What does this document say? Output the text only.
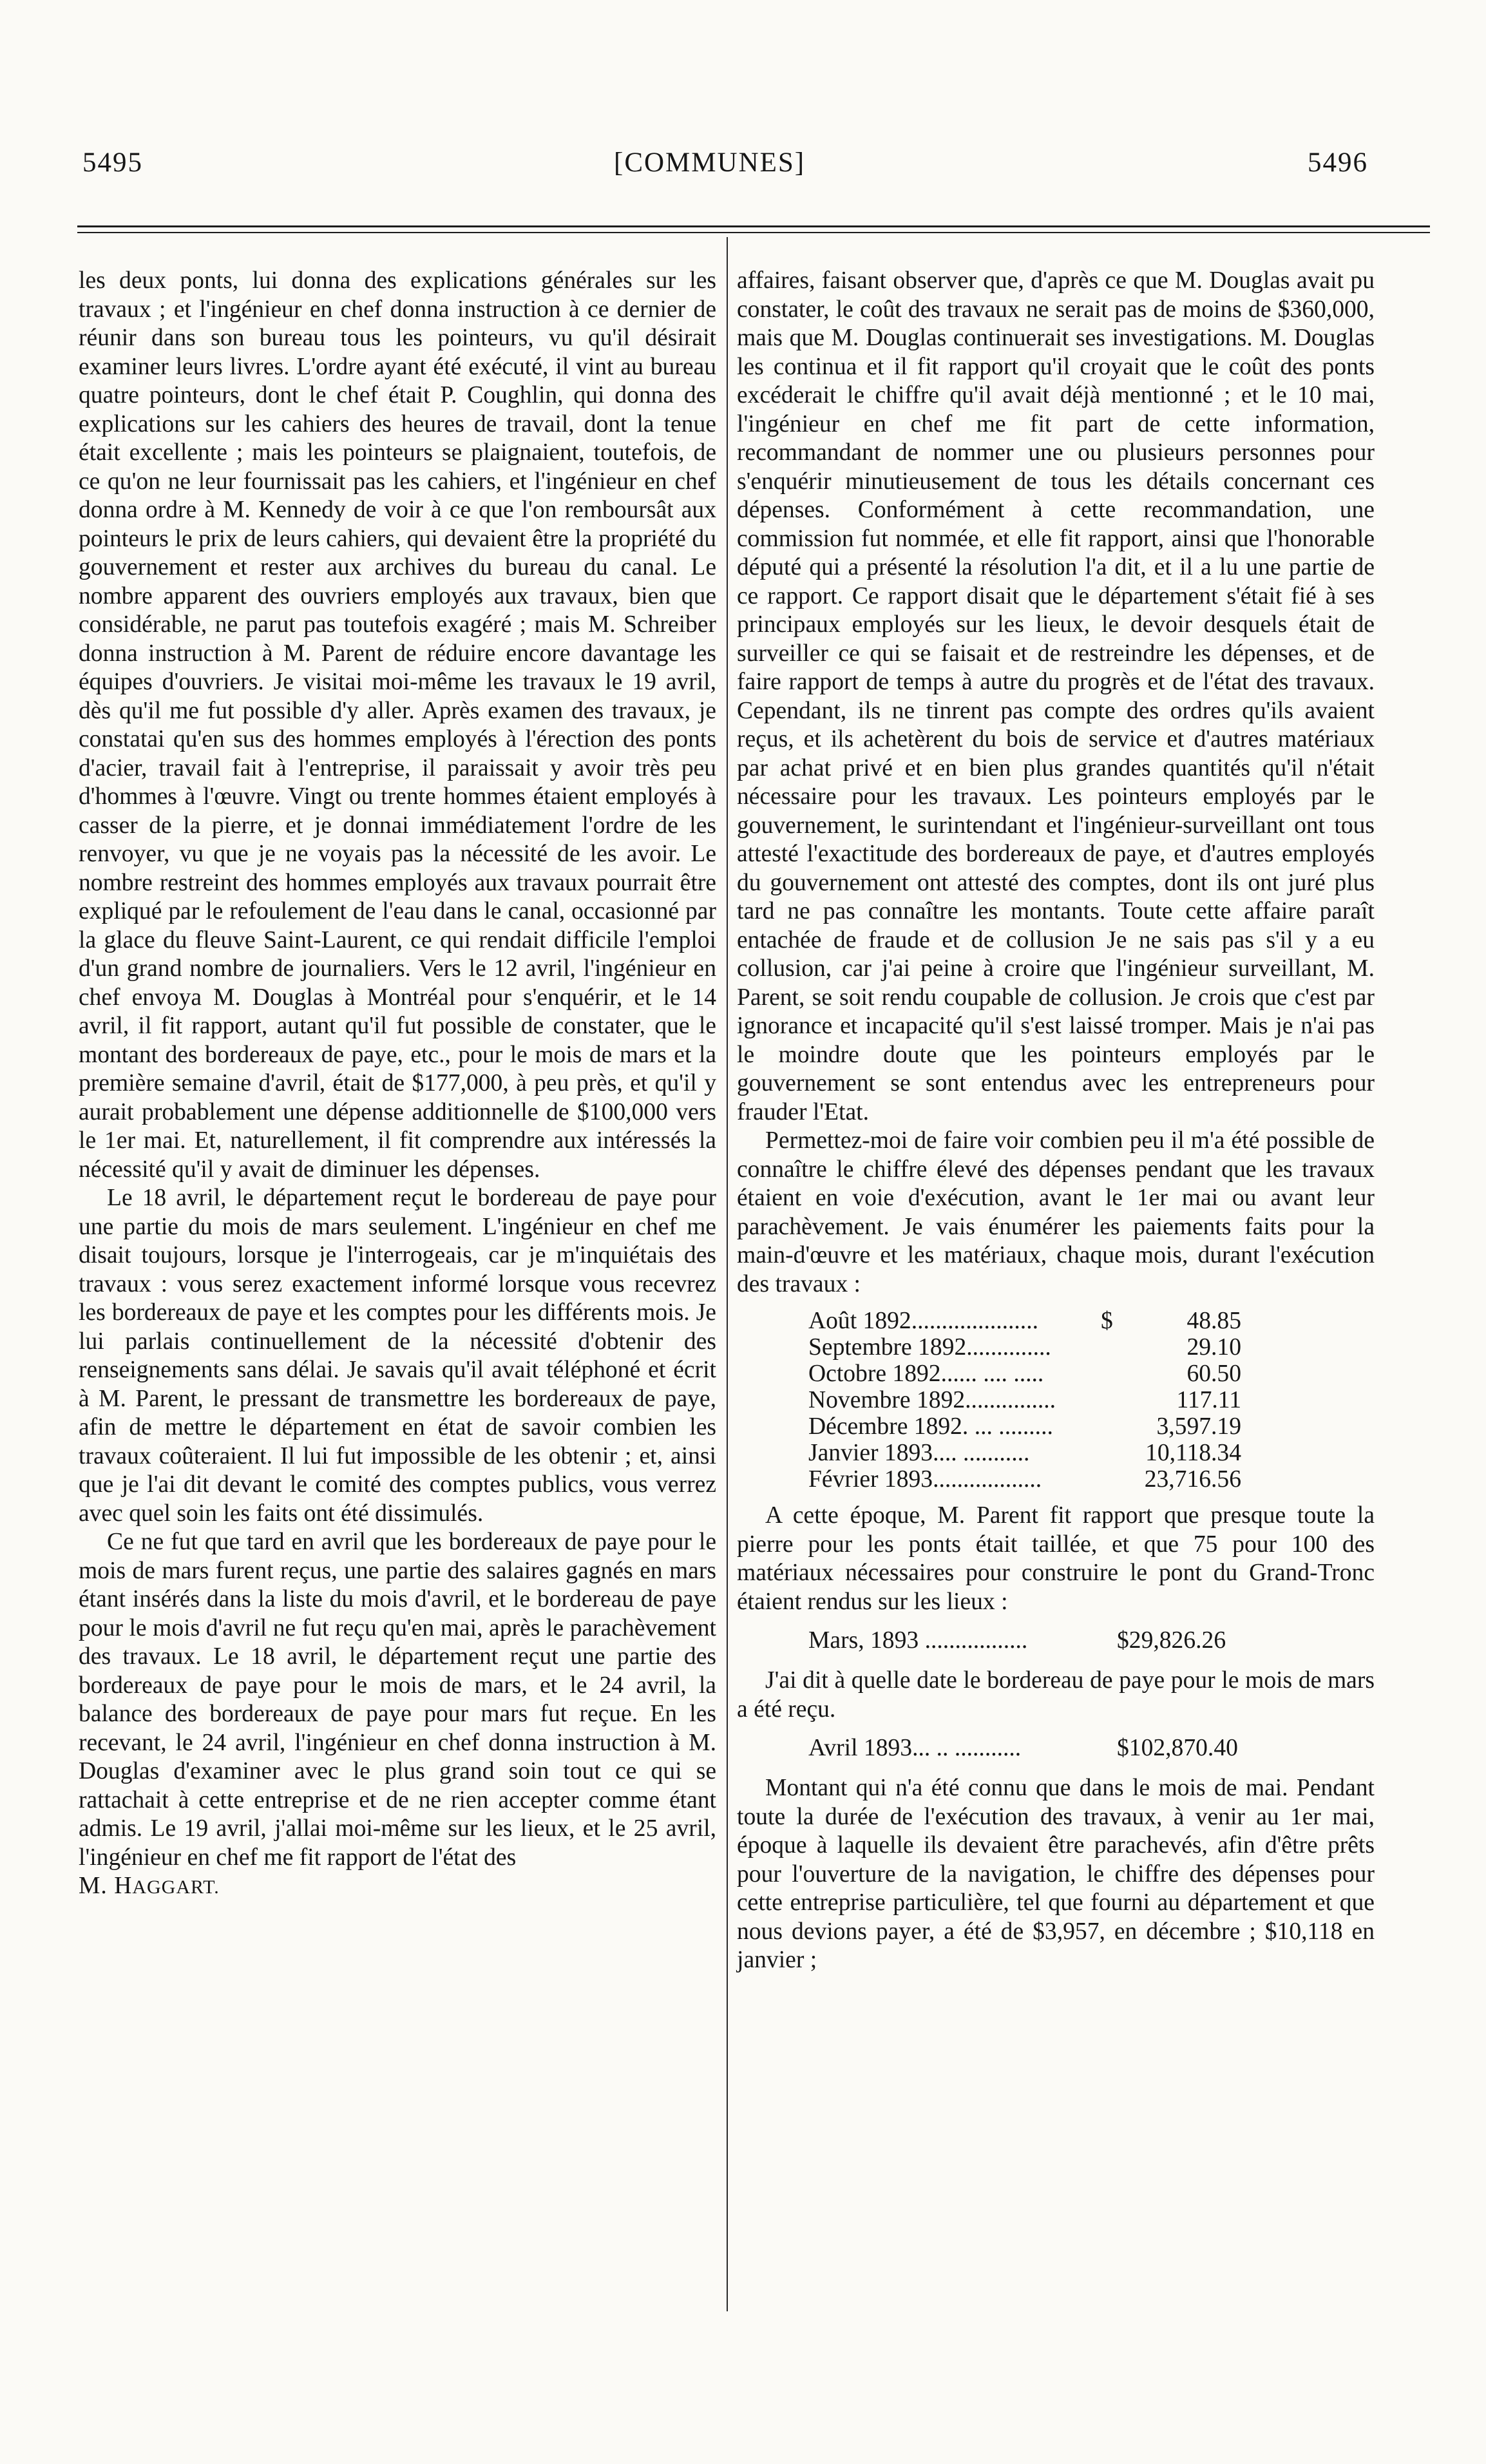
5495	[COMMUNES]	5496

les deux ponts, lui donna des explications générales sur les travaux ; et l'ingénieur en chef donna instruction à ce dernier de réunir dans son bureau tous les pointeurs, vu qu'il désirait examiner leurs livres. L'ordre ayant été exécuté, il vint au bureau quatre pointeurs, dont le chef était P. Coughlin, qui donna des explications sur les cahiers des heures de travail, dont la tenue était excellente ; mais les pointeurs se plaignaient, toutefois, de ce qu'on ne leur fournissait pas les cahiers, et l'ingénieur en chef donna ordre à M. Kennedy de voir à ce que l'on remboursât aux pointeurs le prix de leurs cahiers, qui devaient être la propriété du gouvernement et rester aux archives du bureau du canal. Le nombre apparent des ouvriers employés aux travaux, bien que considérable, ne parut pas toutefois exagéré ; mais M. Schreiber donna instruction à M. Parent de réduire encore davantage les équipes d'ouvriers. Je visitai moi-même les travaux le 19 avril, dès qu'il me fut possible d'y aller. Après examen des travaux, je constatai qu'en sus des hommes employés à l'érection des ponts d'acier, travail fait à l'entreprise, il paraissait y avoir très peu d'hommes à l'œuvre. Vingt ou trente hommes étaient employés à casser de la pierre, et je donnai immédiatement l'ordre de les renvoyer, vu que je ne voyais pas la nécessité de les avoir. Le nombre restreint des hommes employés aux travaux pourrait être expliqué par le refoulement de l'eau dans le canal, occasionné par la glace du fleuve Saint-Laurent, ce qui rendait difficile l'emploi d'un grand nombre de journaliers. Vers le 12 avril, l'ingénieur en chef envoya M. Douglas à Montréal pour s'enquérir, et le 14 avril, il fit rapport, autant qu'il fut possible de constater, que le montant des bordereaux de paye, etc., pour le mois de mars et la première semaine d'avril, était de $177,000, à peu près, et qu'il y aurait probablement une dépense additionnelle de $100,000 vers le 1er mai. Et, naturellement, il fit comprendre aux intéressés la nécessité qu'il y avait de diminuer les dépenses.

Le 18 avril, le département reçut le bordereau de paye pour une partie du mois de mars seulement. L'ingénieur en chef me disait toujours, lorsque je l'interrogeais, car je m'inquiétais des travaux : vous serez exactement informé lorsque vous recevrez les bordereaux de paye et les comptes pour les différents mois. Je lui parlais continuellement de la nécessité d'obtenir des renseignements sans délai. Je savais qu'il avait téléphoné et écrit à M. Parent, le pressant de transmettre les bordereaux de paye, afin de mettre le département en état de savoir combien les travaux coûteraient. Il lui fut impossible de les obtenir ; et, ainsi que je l'ai dit devant le comité des comptes publics, vous verrez avec quel soin les faits ont été dissimulés.

Ce ne fut que tard en avril que les bordereaux de paye pour le mois de mars furent reçus, une partie des salaires gagnés en mars étant insérés dans la liste du mois d'avril, et le bordereau de paye pour le mois d'avril ne fut reçu qu'en mai, après le parachèvement des travaux. Le 18 avril, le département reçut une partie des bordereaux de paye pour le mois de mars, et le 24 avril, la balance des bordereaux de paye pour mars fut reçue. En les recevant, le 24 avril, l'ingénieur en chef donna instruction à M. Douglas d'examiner avec le plus grand soin tout ce qui se rattachait à cette entreprise et de ne rien accepter comme étant admis. Le 19 avril, j'allai moi-même sur les lieux, et le 25 avril, l'ingénieur en chef me fit rapport de l'état des

M. HAGGART.

affaires, faisant observer que, d'après ce que M. Douglas avait pu constater, le coût des travaux ne serait pas de moins de $360,000, mais que M. Douglas continuerait ses investigations. M. Douglas les continua et il fit rapport qu'il croyait que le coût des ponts excéderait le chiffre qu'il avait déjà mentionné ; et le 10 mai, l'ingénieur en chef me fit part de cette information, recommandant de nommer une ou plusieurs personnes pour s'enquérir minutieusement de tous les détails concernant ces dépenses. Conformément à cette recommandation, une commission fut nommée, et elle fit rapport, ainsi que l'honorable député qui a présenté la résolution l'a dit, et il a lu une partie de ce rapport. Ce rapport disait que le département s'était fié à ses principaux employés sur les lieux, le devoir desquels était de surveiller ce qui se faisait et de restreindre les dépenses, et de faire rapport de temps à autre du progrès et de l'état des travaux. Cependant, ils ne tinrent pas compte des ordres qu'ils avaient reçus, et ils achetèrent du bois de service et d'autres matériaux par achat privé et en bien plus grandes quantités qu'il n'était nécessaire pour les travaux. Les pointeurs employés par le gouvernement, le surintendant et l'ingénieur-surveillant ont tous attesté l'exactitude des bordereaux de paye, et d'autres employés du gouvernement ont attesté des comptes, dont ils ont juré plus tard ne pas connaître les montants. Toute cette affaire paraît entachée de fraude et de collusion Je ne sais pas s'il y a eu collusion, car j'ai peine à croire que l'ingénieur surveillant, M. Parent, se soit rendu coupable de collusion. Je crois que c'est par ignorance et incapacité qu'il s'est laissé tromper. Mais je n'ai pas le moindre doute que les pointeurs employés par le gouvernement se sont entendus avec les entrepreneurs pour frauder l'Etat.

Permettez-moi de faire voir combien peu il m'a été possible de connaître le chiffre élevé des dépenses pendant que les travaux étaient en voie d'exécution, avant le 1er mai ou avant leur parachèvement. Je vais énumérer les paiements faits pour la main-d'œuvre et les matériaux, chaque mois, durant l'exécution des travaux :

Août 1892.....................	$	48.85
Septembre 1892..............	29.10
Octobre 1892...... .... .....	60.50
Novembre 1892...............	117.11
Décembre 1892. ... .........	3,597.19
Janvier 1893.... ...........	10,118.34
Février 1893..................	23,716.56

A cette époque, M. Parent fit rapport que presque toute la pierre pour les ponts était taillée, et que 75 pour 100 des matériaux nécessaires pour construire le pont du Grand-Tronc étaient rendus sur les lieux :

Mars, 1893 .................	$29,826.26

J'ai dit à quelle date le bordereau de paye pour le mois de mars a été reçu.

Avril 1893... .. ...........	$102,870.40

Montant qui n'a été connu que dans le mois de mai. Pendant toute la durée de l'exécution des travaux, à venir au 1er mai, époque à laquelle ils devaient être parachevés, afin d'être prêts pour l'ouverture de la navigation, le chiffre des dépenses pour cette entreprise particulière, tel que fourni au département et que nous devions payer, a été de $3,957, en décembre ; $10,118 en janvier ;
